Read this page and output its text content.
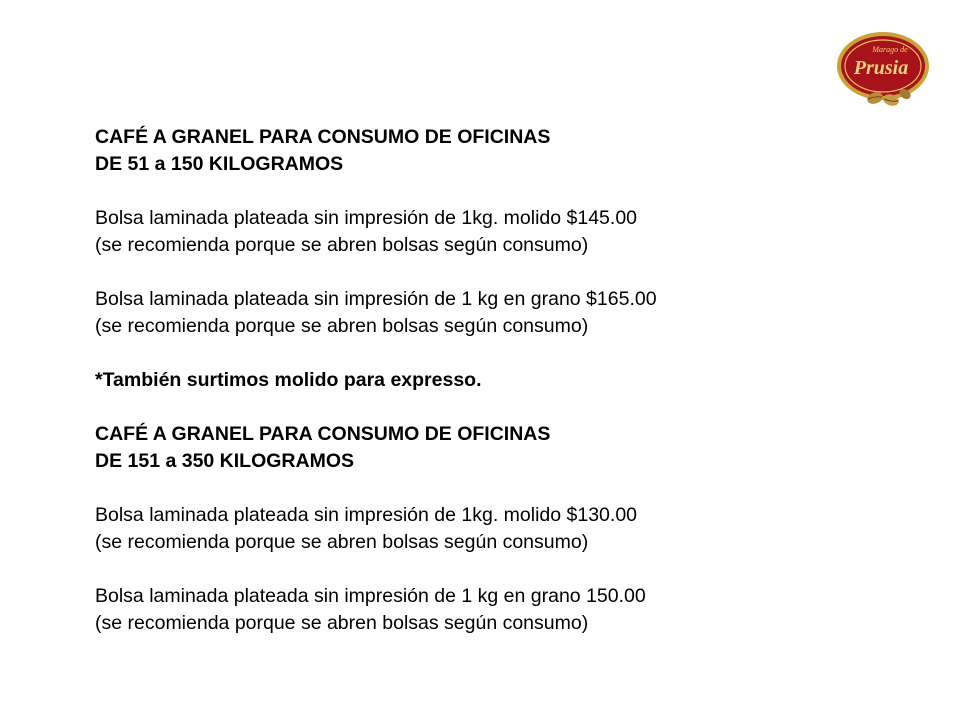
Marago de
Prusia
CAFÉ A GRANEL PARA CONSUMO DE OFICINAS
DE 51 a 150 KILOGRAMOS
Bolsa laminada plateada sin impresión de 1kg. molido $145.00
(se recomienda porque se abren bolsas según consumo)
Bolsa laminada plateada sin impresión de 1 kg en grano $165.00
(se recomienda porque se abren bolsas según consumo)
*También surtimos molido para expresso.
CAFÉ A GRANEL PARA CONSUMO DE OFICINAS
DE 151 a 350 KILOGRAMOS
Bolsa laminada plateada sin impresión de 1kg. molido $130.00
(se recomienda porque se abren bolsas según consumo)
Bolsa laminada plateada sin impresión de 1 kg en grano 150.00
(se recomienda porque se abren bolsas según consumo)
